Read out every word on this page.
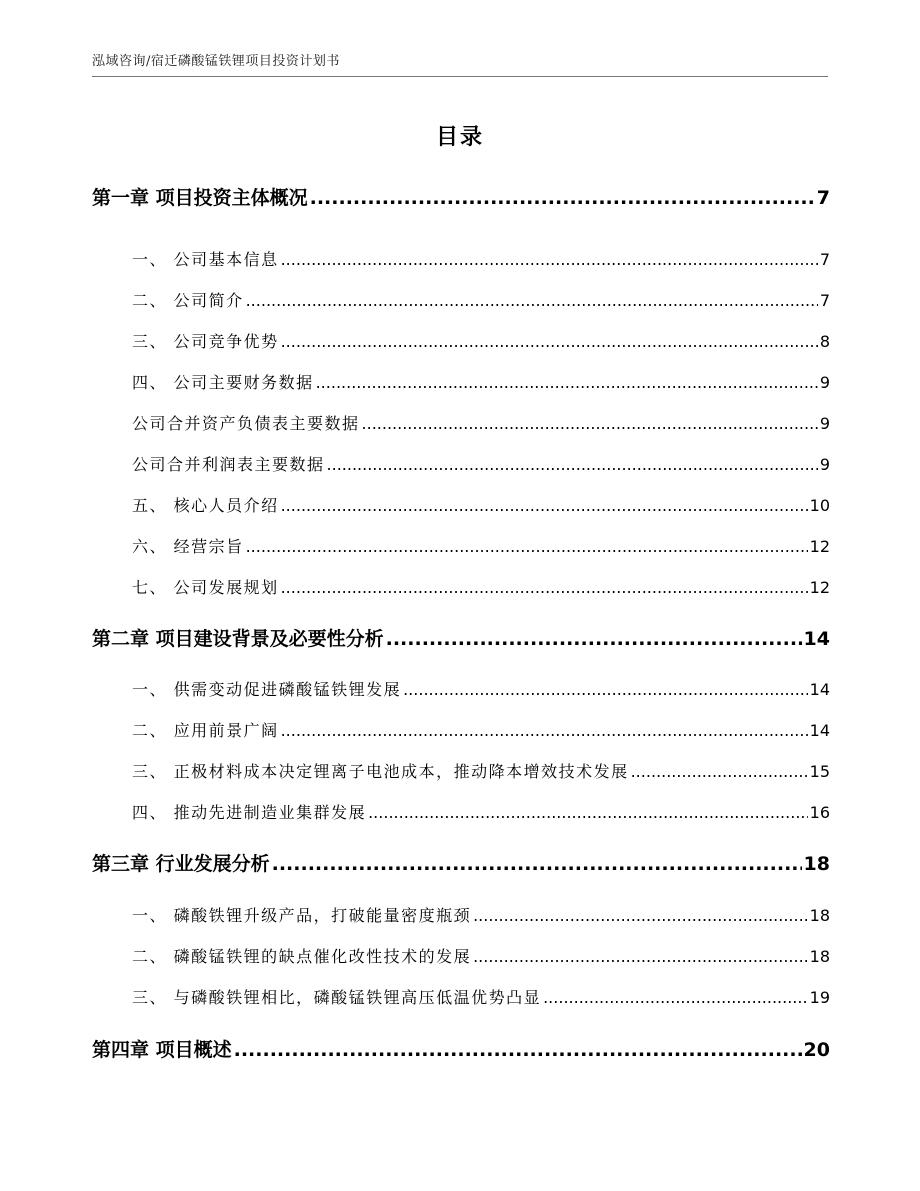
泓域咨询/宿迁磷酸锰铁锂项目投资计划书
目录
第一章 项目投资主体概况 .....	7
一、 公司基本信息 .....	7
二、 公司简介 .....	7
三、 公司竞争优势 .....	8
四、 公司主要财务数据 .....	9
公司合并资产负债表主要数据 .....	9
公司合并利润表主要数据 .....	9
五、 核心人员介绍 .....	10
六、 经营宗旨 .....	12
七、 公司发展规划 .....	12
第二章 项目建设背景及必要性分析 .....	14
一、 供需变动促进磷酸锰铁锂发展 .....	14
二、 应用前景广阔 .....	14
三、 正极材料成本决定锂离子电池成本，推动降本增效技术发展 .....	15
四、 推动先进制造业集群发展 .....	16
第三章 行业发展分析 .....	18
一、 磷酸铁锂升级产品，打破能量密度瓶颈 .....	18
二、 磷酸锰铁锂的缺点催化改性技术的发展 .....	18
三、 与磷酸铁锂相比，磷酸锰铁锂高压低温优势凸显 .....	19
第四章 项目概述 .....	20
